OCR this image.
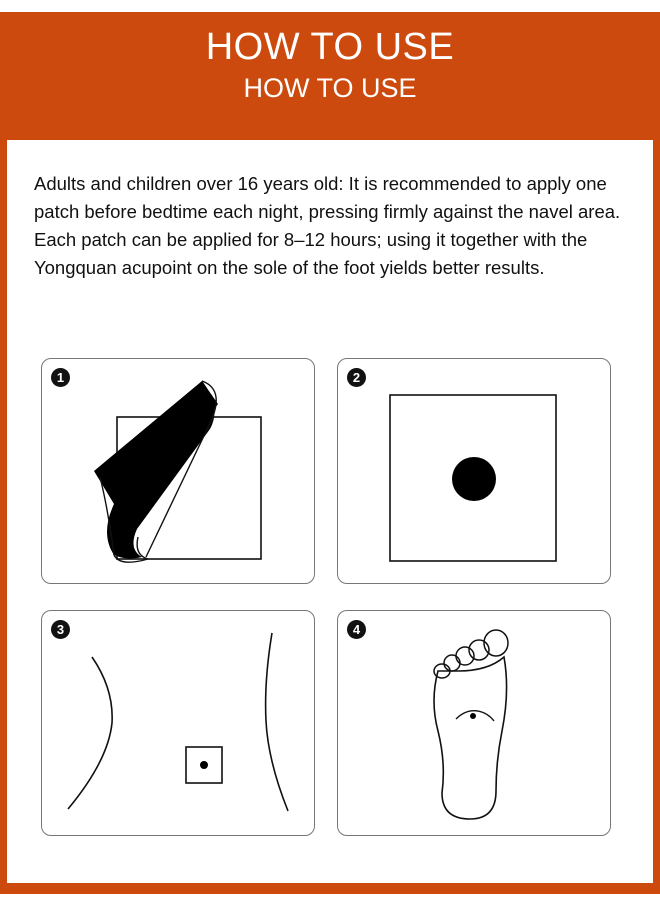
HOW TO USE
HOW TO USE

Adults and children over 16 years old: It is recommended to apply one patch before bedtime each night, pressing firmly against the navel area. Each patch can be applied for 8–12 hours; using it together with the Yongquan acupoint on the sole of the foot yields better results.

1	2
3	4
